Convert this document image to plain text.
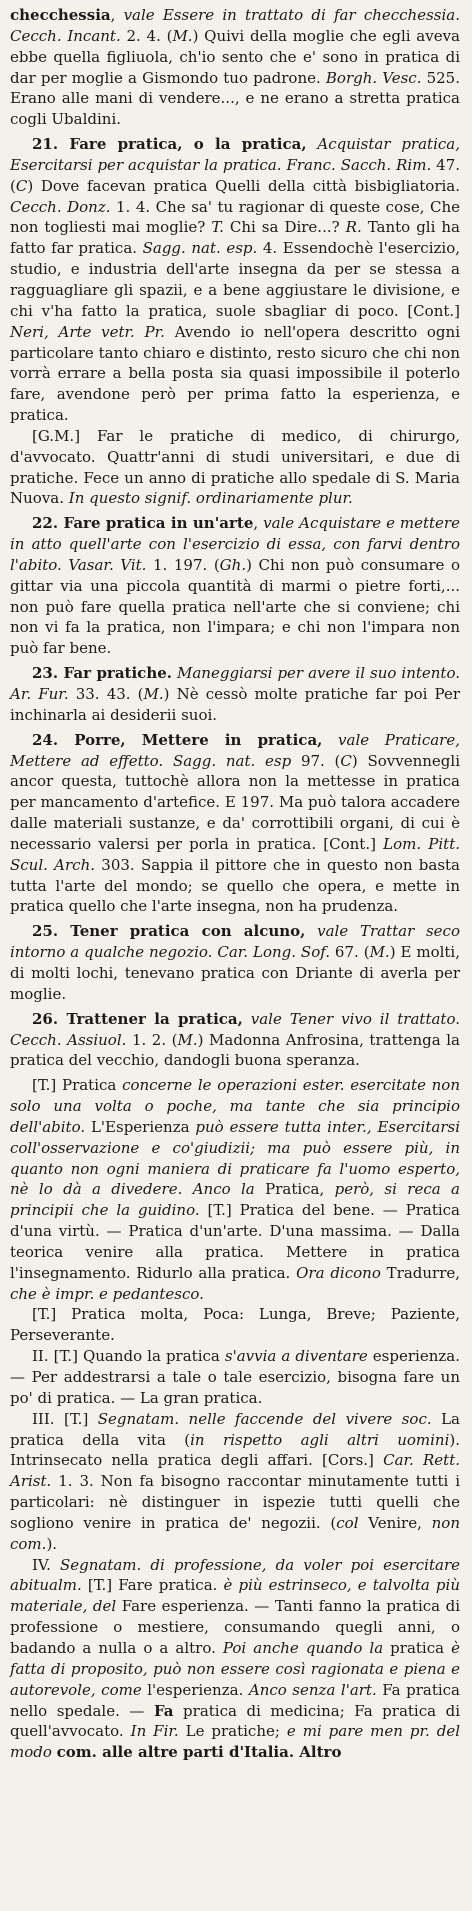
checchessia, vale Essere in trattato di far checchessia. Cecch. Incant. 2. 4. (M.) Quivi della moglie che egli aveva ebbe quella figliuola, ch'io sento che e' sono in pratica di dar per moglie a Gismondo tuo padrone. Borgh. Vesc. 525. Erano alle mani di vendere..., e ne erano a stretta pratica cogli Ubaldini.

21. Fare pratica, o la pratica, Acquistar pratica, Esercitarsi per acquistar la pratica. Franc. Sacch. Rim. 47. (C) Dove facevan pratica Quelli della città bisbigliatoria. Cecch. Donz. 1. 4. Che sa' tu ragionar di queste cose, Che non togliesti mai moglie? T. Chi sa Dire...? R. Tanto gli ha fatto far pratica. Sagg. nat. esp. 4. Essendochè l'esercizio, studio, e industria dell'arte insegna da per se stessa a ragguagliare gli spazii, e a bene aggiustare le divisione, e chi v'ha fatto la pratica, suole sbagliar di poco. [Cont.] Neri, Arte vetr. Pr. Avendo io nell'opera descritto ogni particolare tanto chiaro e distinto, resto sicuro che chi non vorrà errare a bella posta sia quasi impossibile il poterlo fare, avendone però per prima fatto la esperienza, e pratica.

[G.M.] Far le pratiche di medico, di chirurgo, d'avvocato. Quattr'anni di studi universitari, e due di pratiche. Fece un anno di pratiche allo spedale di S. Maria Nuova. In questo signif. ordinariamente plur.

22. Fare pratica in un'arte, vale Acquistare e mettere in atto quell'arte con l'esercizio di essa, con farvi dentro l'abito. Vasar. Vit. 1. 197. (Gh.) Chi non può consumare o gittar via una piccola quantità di marmi o pietre forti,... non può fare quella pratica nell'arte che si conviene; chi non vi fa la pratica, non l'impara; e chi non l'impara non può far bene.

23. Far pratiche. Maneggiarsi per avere il suo intento. Ar. Fur. 33. 43. (M.) Nè cessò molte pratiche far poi Per inchinarla ai desiderii suoi.

24. Porre, Mettere in pratica, vale Praticare, Mettere ad effetto. Sagg. nat. esp 97. (C) Sovvennegli ancor questa, tuttochè allora non la mettesse in pratica per mancamento d'artefice. E 197. Ma può talora accadere dalle materiali sustanze, e da' corrottibili organi, di cui è necessario valersi per porla in pratica. [Cont.] Lom. Pitt. Scul. Arch. 303. Sappia il pittore che in questo non basta tutta l'arte del mondo; se quello che opera, e mette in pratica quello che l'arte insegna, non ha prudenza.

25. Tener pratica con alcuno, vale Trattar seco intorno a qualche negozio. Car. Long. Sof. 67. (M.) E molti, di molti lochi, tenevano pratica con Driante di averla per moglie.

26. Trattener la pratica, vale Tener vivo il trattato. Cecch. Assiuol. 1. 2. (M.) Madonna Anfrosina, trattenga la pratica del vecchio, dandogli buona speranza.

[T.] Pratica concerne le operazioni ester. esercitate non solo una volta o poche, ma tante che sia principio dell'abito. L'Esperienza può essere tutta inter., Esercitarsi coll'osservazione e co'giudizii; ma può essere più, in quanto non ogni maniera di praticare fa l'uomo esperto, nè lo dà a divedere. Anco la Pratica, però, si reca a principii che la guidino. [T.] Pratica del bene. — Pratica d'una virtù. — Pratica d'un'arte. D'una massima. — Dalla teorica venire alla pratica. Mettere in pratica l'insegnamento. Ridurlo alla pratica. Ora dicono Tradurre, che è impr. e pedantesco.

[T.] Pratica molta, Poca: Lunga, Breve; Paziente, Perseverante.

II. [T.] Quando la pratica s'avvia a diventare esperienza. — Per addestrarsi a tale o tale esercizio, bisogna fare un po' di pratica. — La gran pratica.

III. [T.] Segnatam. nelle faccende del vivere soc. La pratica della vita (in rispetto agli altri uomini). Intrinsecato nella pratica degli affari. [Cors.] Car. Rett. Arist. 1. 3. Non fa bisogno raccontar minutamente tutti i particolari: nè distinguer in ispezie tutti quelli che sogliono venire in pratica de' negozii. (col Venire, non com.).

IV. Segnatam. di professione, da voler poi esercitare abitualm. [T.] Fare pratica. è più estrinseco, e talvolta più materiale, del Fare esperienza. — Tanti fanno la pratica di professione o mestiere, consumando quegli anni, o badando a nulla o a altro. Poi anche quando la pratica è fatta di proposito, può non essere così ragionata e piena e autorevole, come l'esperienza. Anco senza l'art. Fa pratica nello spedale. — Fa pratica di medicina; Fa pratica di quell'avvocato. In Fir. Le pratiche; e mi pare men pr. del modo com. alle altre parti d'Italia. Altro
